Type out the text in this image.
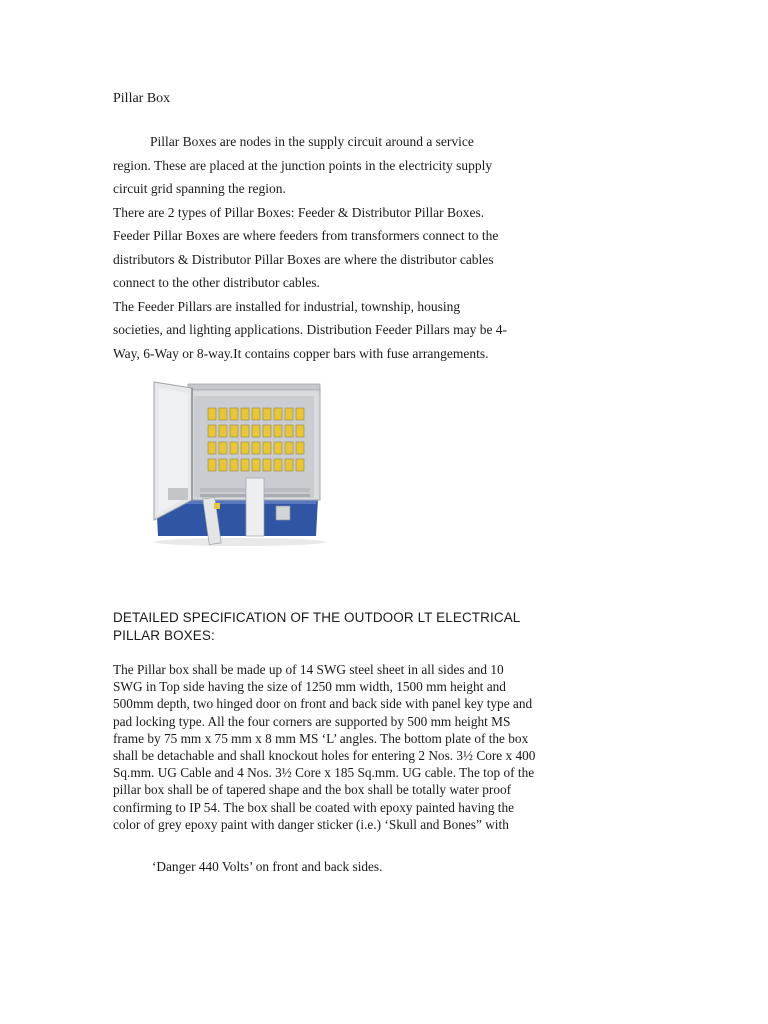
Pillar Box
Pillar Boxes are nodes in the supply circuit around a service
region. These are placed at the junction points in the electricity supply
circuit grid spanning the region.
There are 2 types of Pillar Boxes: Feeder & Distributor Pillar Boxes.
Feeder Pillar Boxes are where feeders from transformers connect to the
distributors & Distributor Pillar Boxes are where the distributor cables
connect to the other distributor cables.
The Feeder Pillars are installed for industrial, township, housing
societies, and lighting applications. Distribution Feeder Pillars may be 4-
Way, 6-Way or 8-way.It contains copper bars with fuse arrangements.
DETAILED SPECIFICATION OF THE OUTDOOR LT ELECTRICAL
PILLAR BOXES:
The Pillar box shall be made up of 14 SWG steel sheet in all sides and 10
SWG in Top side having the size of 1250 mm width, 1500 mm height and
500mm depth, two hinged door on front and back side with panel key type and
pad locking type. All the four corners are supported by 500 mm height MS
frame by 75 mm x 75 mm x 8 mm MS ‘L’ angles. The bottom plate of the box
shall be detachable and shall knockout holes for entering 2 Nos. 3½ Core x 400
Sq.mm. UG Cable and 4 Nos. 3½ Core x 185 Sq.mm. UG cable. The top of the
pillar box shall be of tapered shape and the box shall be totally water proof
confirming to IP 54. The box shall be coated with epoxy painted having the
color of grey epoxy paint with danger sticker (i.e.) ‘Skull and Bones” with
‘Danger 440 Volts’ on front and back sides.
